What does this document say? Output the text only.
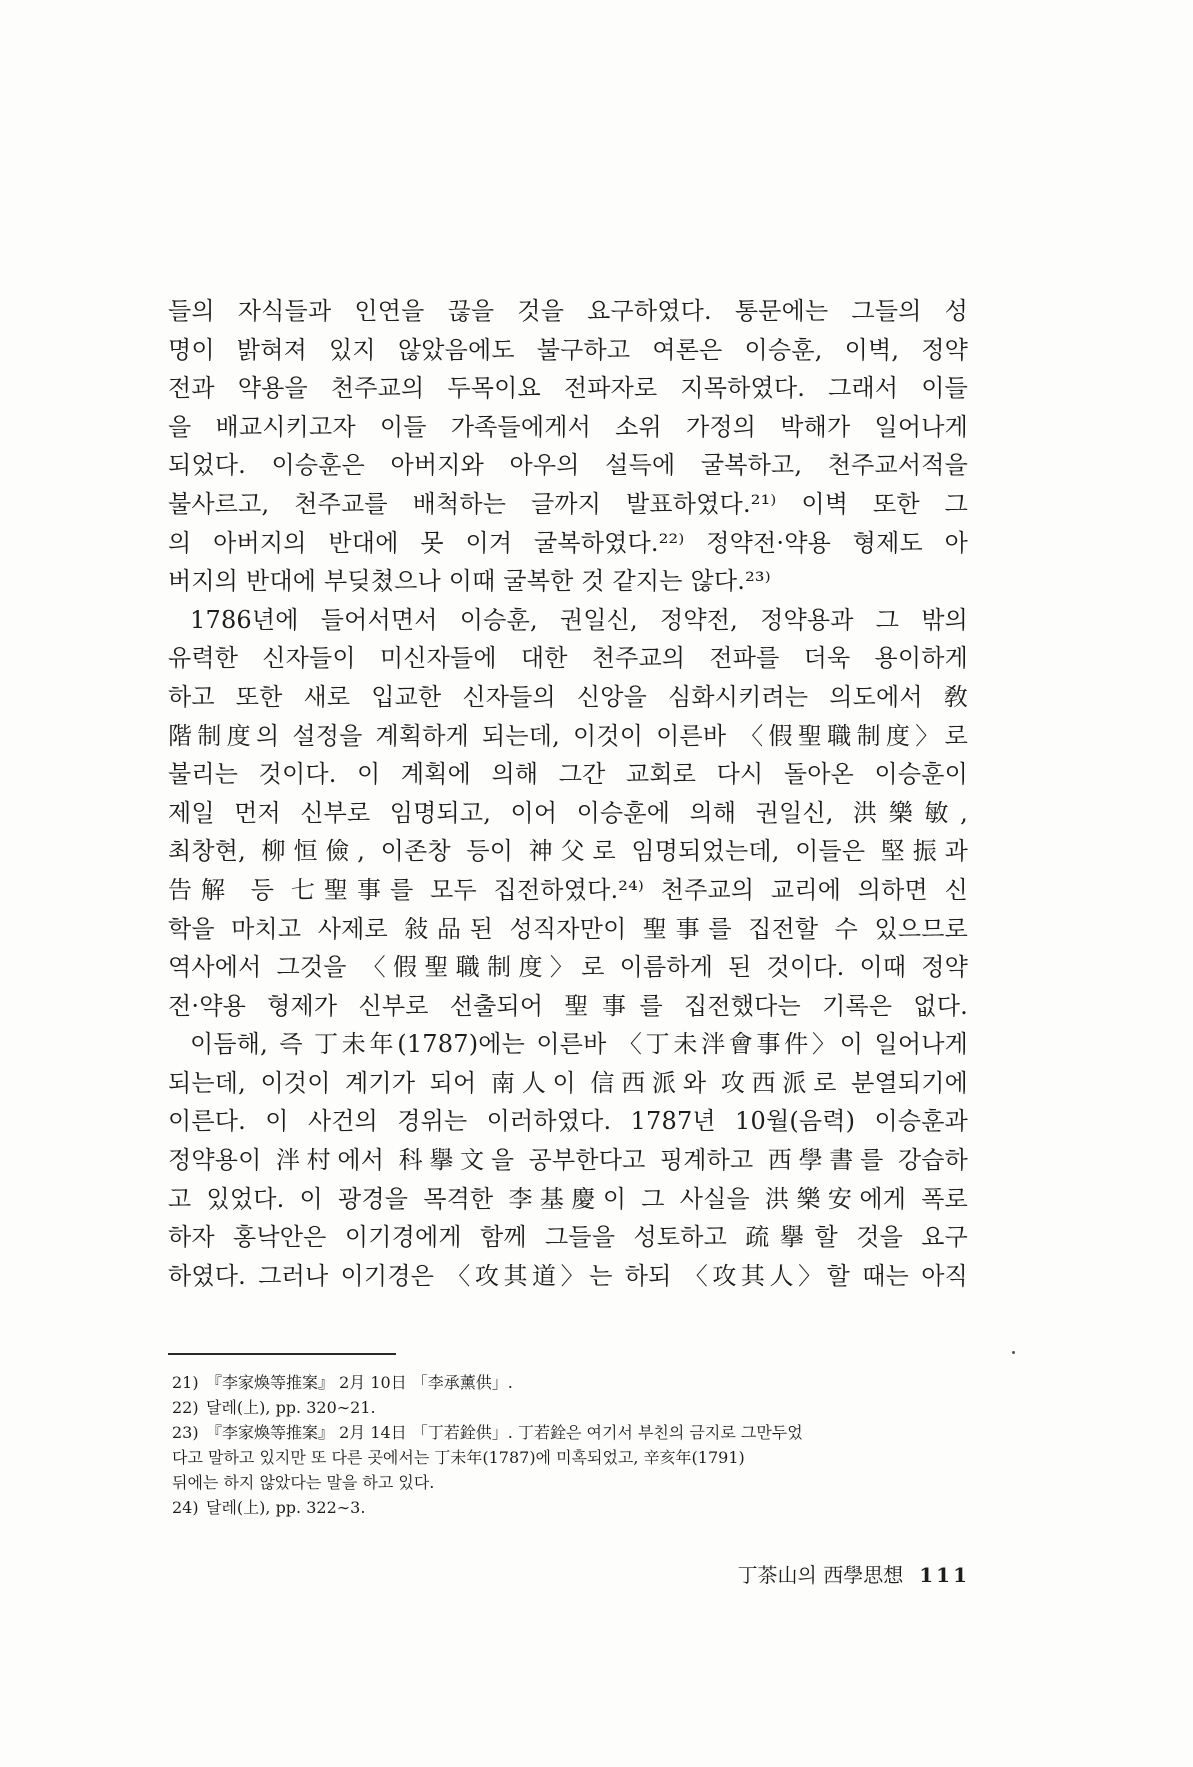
들의 자식들과 인연을 끊을 것을 요구하였다. 통문에는 그들의 성
명이 밝혀져 있지 않았음에도 불구하고 여론은 이승훈, 이벽, 정약
전과 약용을 천주교의 두목이요 전파자로 지목하였다. 그래서 이들
을 배교시키고자 이들 가족들에게서 소위 가정의 박해가 일어나게
되었다. 이승훈은 아버지와 아우의 설득에 굴복하고, 천주교서적을
불사르고, 천주교를 배척하는 글까지 발표하였다.²¹⁾ 이벽 또한 그
의 아버지의 반대에 못 이겨 굴복하였다.²²⁾ 정약전·약용 형제도 아
버지의 반대에 부딪쳤으나 이때 굴복한 것 같지는 않다.²³⁾
1786년에 들어서면서 이승훈, 권일신, 정약전, 정약용과 그 밖의
유력한 신자들이 미신자들에 대한 천주교의 전파를 더욱 용이하게
하고 또한 새로 입교한 신자들의 신앙을 심화시키려는 의도에서 敎
階制度의 설정을 계획하게 되는데, 이것이 이른바 〈假聖職制度〉로
불리는 것이다. 이 계획에 의해 그간 교회로 다시 돌아온 이승훈이
제일 먼저 신부로 임명되고, 이어 이승훈에 의해 권일신, 洪樂敏,
최창현, 柳恒儉, 이존창 등이 神父로 임명되었는데, 이들은 堅振과
告解 등 七聖事를 모두 집전하였다.²⁴⁾ 천주교의 교리에 의하면 신
학을 마치고 사제로 敍品된 성직자만이 聖事를 집전할 수 있으므로
역사에서 그것을 〈假聖職制度〉로 이름하게 된 것이다. 이때 정약
전·약용 형제가 신부로 선출되어 聖事를 집전했다는 기록은 없다.
이듬해, 즉 丁未年(1787)에는 이른바 〈丁未泮會事件〉이 일어나게
되는데, 이것이 계기가 되어 南人이 信西派와 攻西派로 분열되기에
이른다. 이 사건의 경위는 이러하였다. 1787년 10월(음력) 이승훈과
정약용이 泮村에서 科擧文을 공부한다고 핑계하고 西學書를 강습하
고 있었다. 이 광경을 목격한 李基慶이 그 사실을 洪樂安에게 폭로
하자 홍낙안은 이기경에게 함께 그들을 성토하고 疏擧할 것을 요구
하였다. 그러나 이기경은 〈攻其道〉는 하되 〈攻其人〉할 때는 아직
21) 『李家煥等推案』 2月 10日 「李承薰供」.
22) 달레(上), pp. 320∼21.
23) 『李家煥等推案』 2月 14日 「丁若銓供」. 丁若銓은 여기서 부친의 금지로 그만두었
다고 말하고 있지만 또 다른 곳에서는 丁未年(1787)에 미혹되었고, 辛亥年(1791)
뒤에는 하지 않았다는 말을 하고 있다.
24) 달레(上), pp. 322∼3.
丁茶山의 西學思想 111
